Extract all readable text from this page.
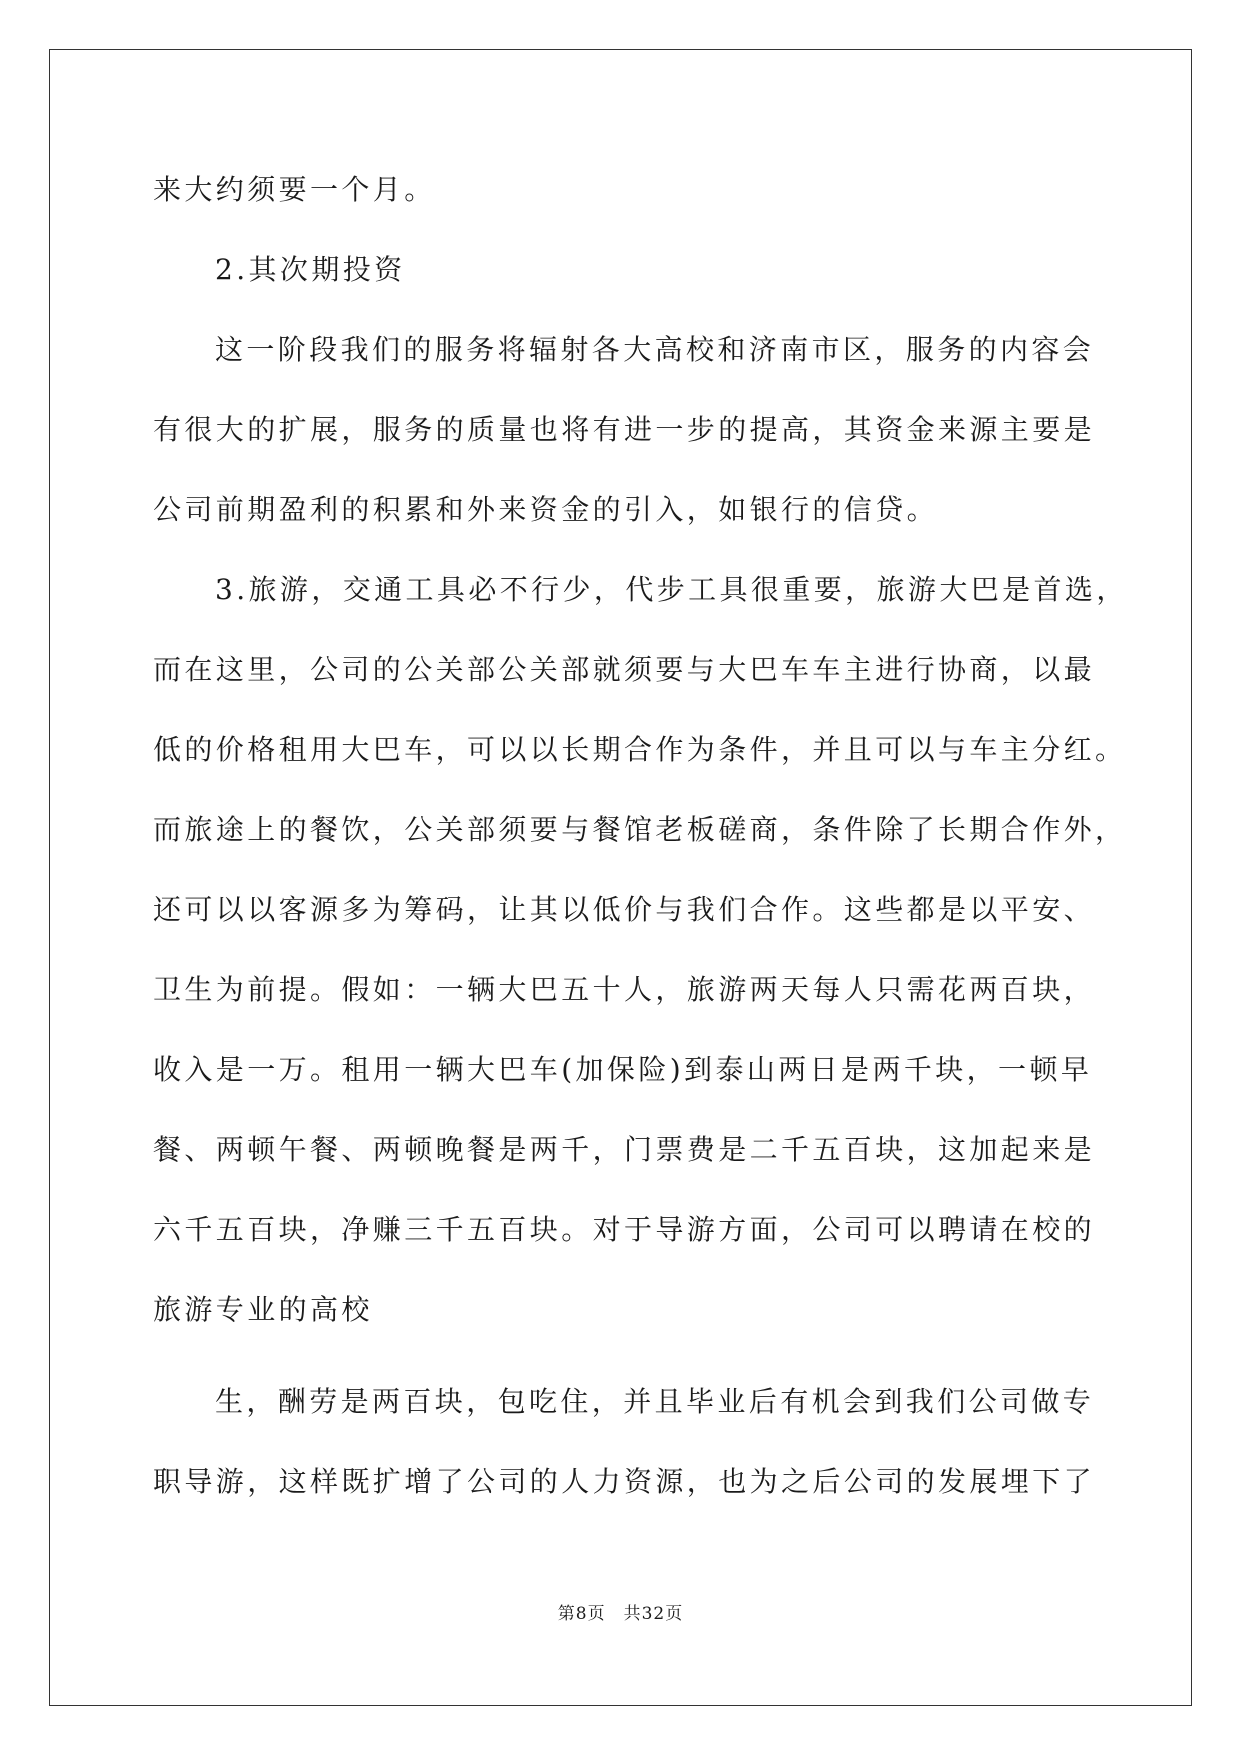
来大约须要一个月。
2.其次期投资
这一阶段我们的服务将辐射各大高校和济南市区，服务的内容会
有很大的扩展，服务的质量也将有进一步的提高，其资金来源主要是
公司前期盈利的积累和外来资金的引入，如银行的信贷。
3.旅游，交通工具必不行少，代步工具很重要，旅游大巴是首选，
而在这里，公司的公关部公关部就须要与大巴车车主进行协商，以最
低的价格租用大巴车，可以以长期合作为条件，并且可以与车主分红。
而旅途上的餐饮，公关部须要与餐馆老板磋商，条件除了长期合作外，
还可以以客源多为筹码，让其以低价与我们合作。这些都是以平安、
卫生为前提。假如：一辆大巴五十人，旅游两天每人只需花两百块，
收入是一万。租用一辆大巴车(加保险)到泰山两日是两千块，一顿早
餐、两顿午餐、两顿晚餐是两千，门票费是二千五百块，这加起来是
六千五百块，净赚三千五百块。对于导游方面，公司可以聘请在校的
旅游专业的高校
生，酬劳是两百块，包吃住，并且毕业后有机会到我们公司做专
职导游，这样既扩增了公司的人力资源，也为之后公司的发展埋下了
第8页 共32页
